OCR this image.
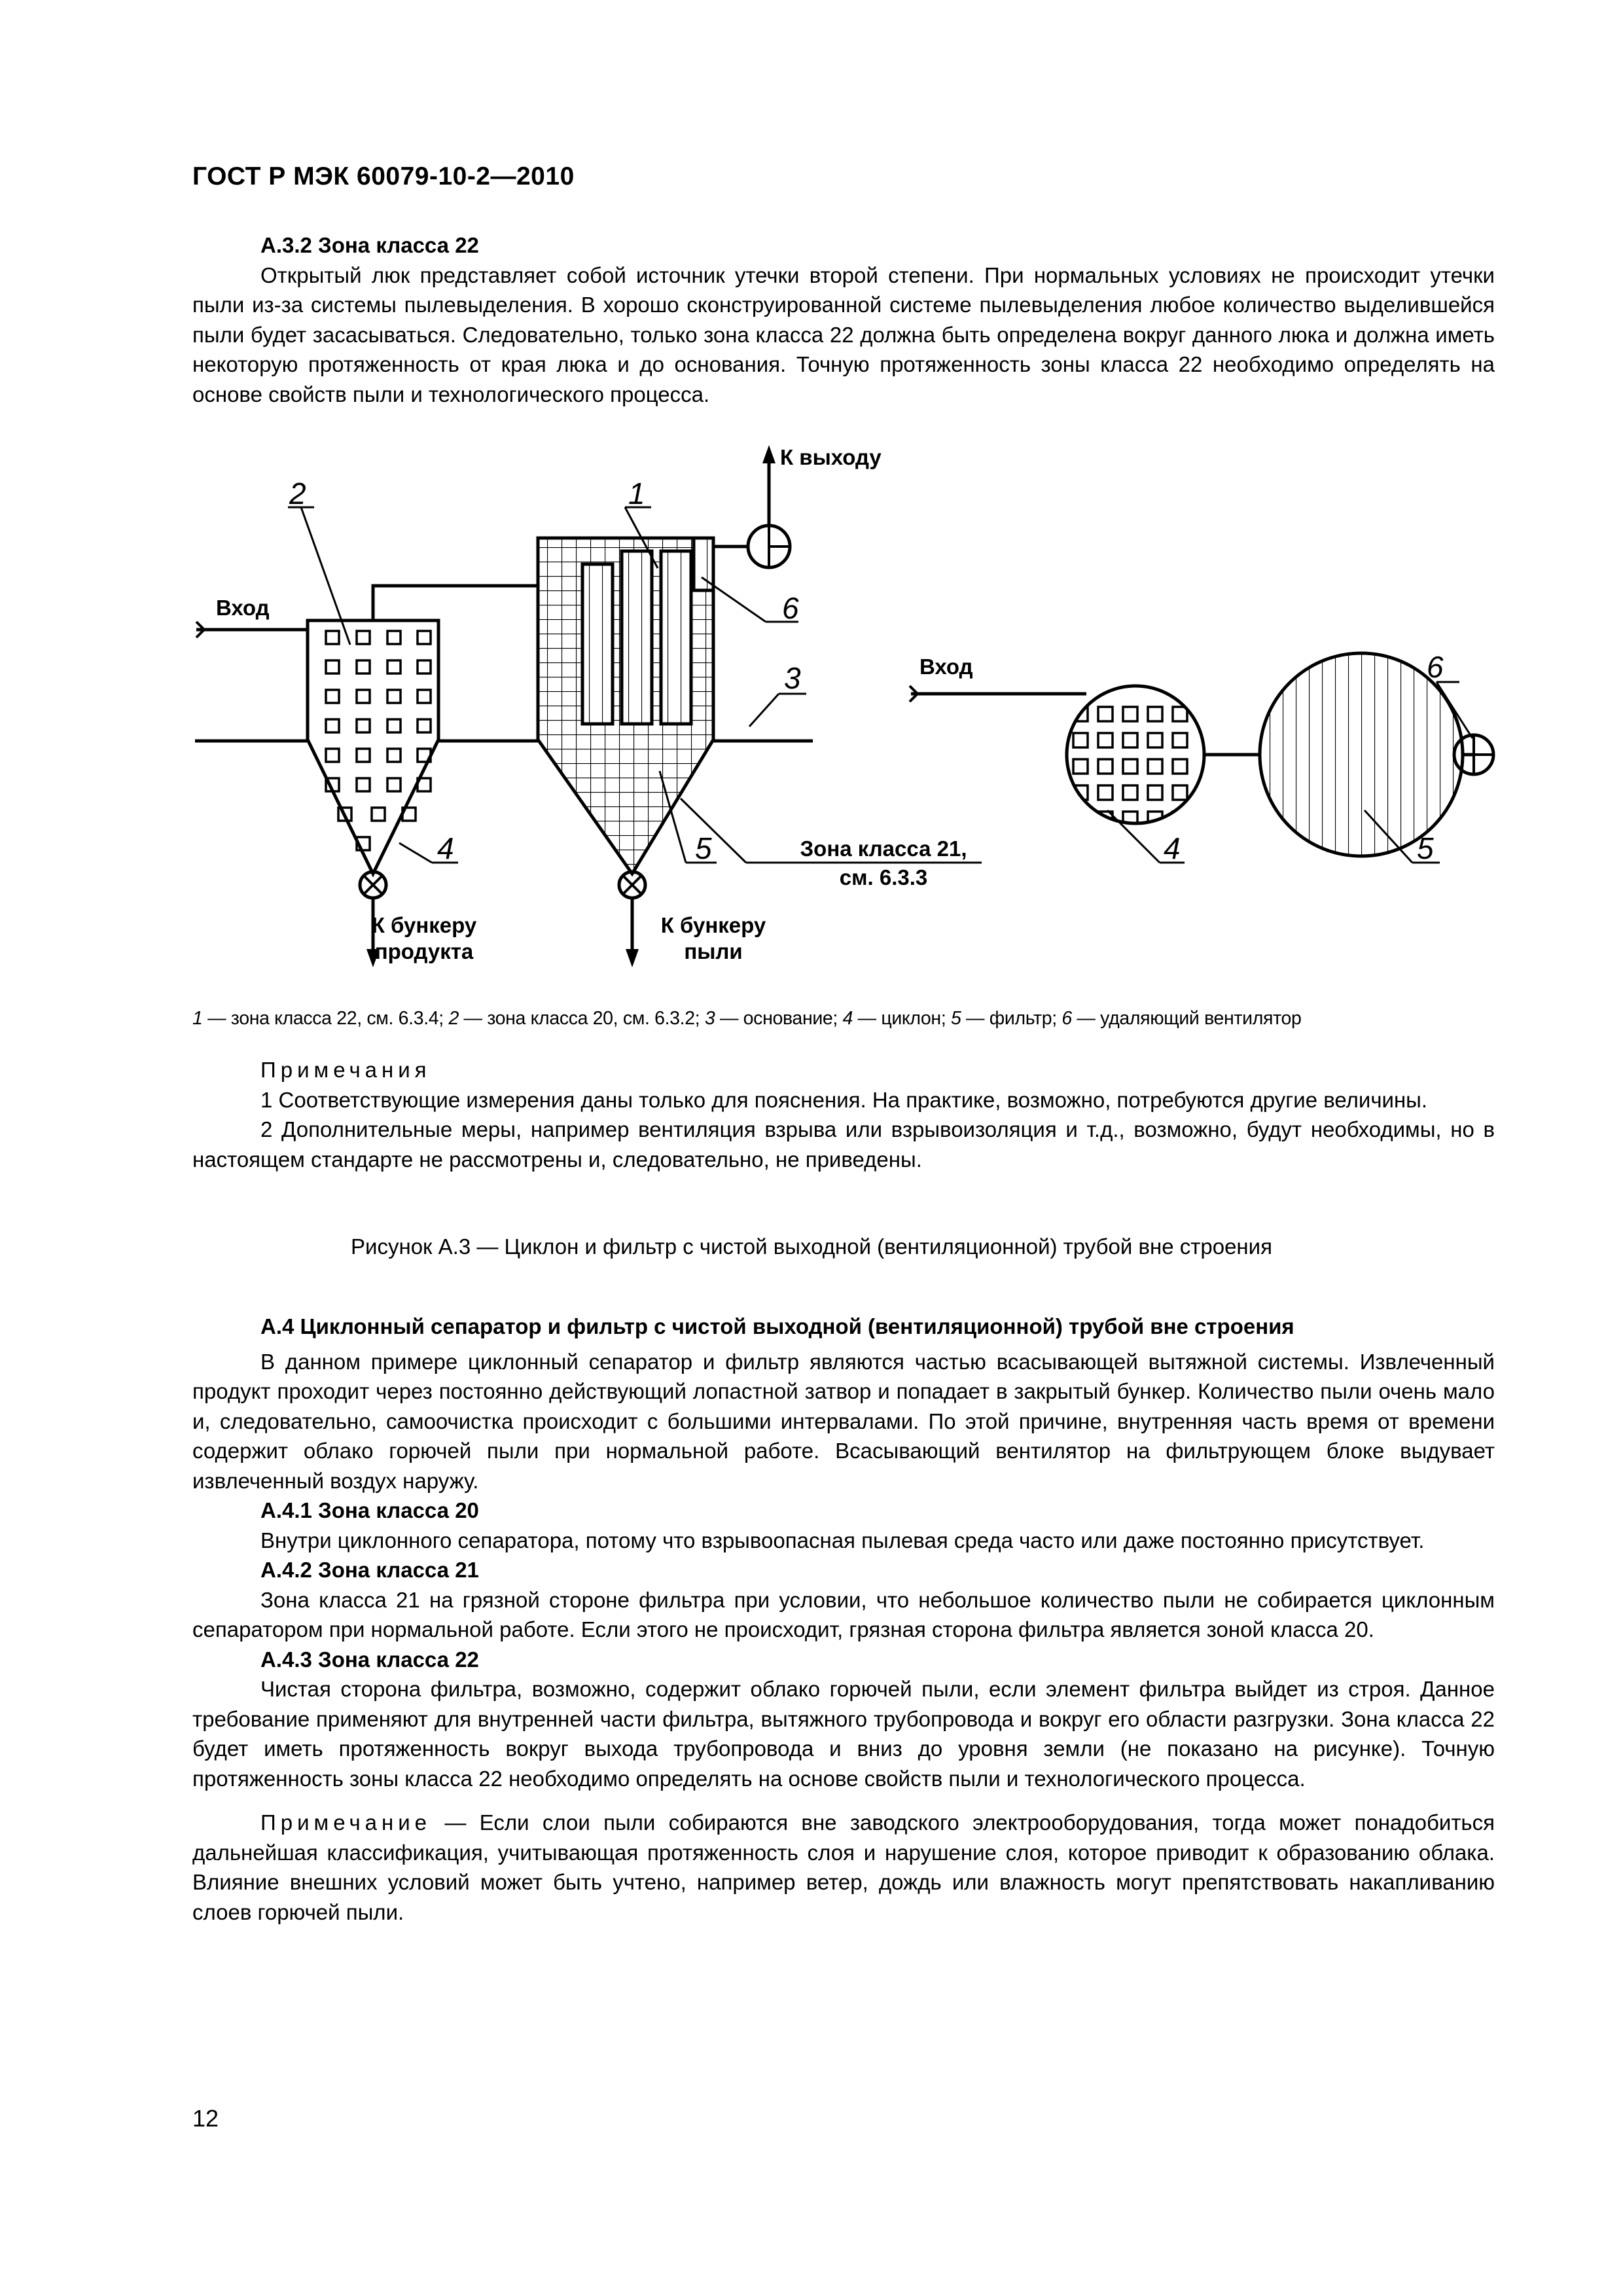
ГОСТ Р МЭК 60079-10-2—2010
А.3.2 Зона класса 22

Открытый люк представляет собой источник утечки второй степени. При нормальных условиях не происходит утечки пыли из-за системы пылевыделения. В хорошо сконструированной системе пылевыделения любое количество выделившейся пыли будет засасываться. Следовательно, только зона класса 22 должна быть определена вокруг данного люка и должна иметь некоторую протяженность от края люка и до основания. Точную протяженность зоны класса 22 необходимо определять на основе свойств пыли и технологического процесса.

К выходу
Вход
Вход
К бункеру
продукта
К бункеру
пыли
Зона класса 21,
см. 6.3.3
2	1
6
3
4	5	4	5
6
1 — зона класса 22, см. 6.3.4; 2 — зона класса 20, см. 6.3.2; 3 — основание; 4 — циклон; 5 — фильтр; 6 — удаляющий вентилятор

Примечания

1 Соответствующие измерения даны только для пояснения. На практике, возможно, потребуются другие величины.

2 Дополнительные меры, например вентиляция взрыва или взрывоизоляция и т.д., возможно, будут необходимы, но в настоящем стандарте не рассмотрены и, следовательно, не приведены.

Рисунок А.3 — Циклон и фильтр с чистой выходной (вентиляционной) трубой вне строения
А.4 Циклонный сепаратор и фильтр с чистой выходной (вентиляционной) трубой вне строения

В данном примере циклонный сепаратор и фильтр являются частью всасывающей вытяжной системы. Извлеченный продукт проходит через постоянно действующий лопастной затвор и попадает в закрытый бункер. Количество пыли очень мало и, следовательно, самоочистка происходит с большими интервалами. По этой причине, внутренняя часть время от времени содержит облако горючей пыли при нормальной работе. Всасывающий вентилятор на фильтрующем блоке выдувает извлеченный воздух наружу.

А.4.1 Зона класса 20

Внутри циклонного сепаратора, потому что взрывоопасная пылевая среда часто или даже постоянно присутствует.

А.4.2 Зона класса 21

Зона класса 21 на грязной стороне фильтра при условии, что небольшое количество пыли не собирается циклонным сепаратором при нормальной работе. Если этого не происходит, грязная сторона фильтра является зоной класса 20.

А.4.3 Зона класса 22

Чистая сторона фильтра, возможно, содержит облако горючей пыли, если элемент фильтра выйдет из строя. Данное требование применяют для внутренней части фильтра, вытяжного трубопровода и вокруг его области разгрузки. Зона класса 22 будет иметь протяженность вокруг выхода трубопровода и вниз до уровня земли (не показано на рисунке). Точную протяженность зоны класса 22 необходимо определять на основе свойств пыли и технологического процесса.

Примечание — Если слои пыли собираются вне заводского электрооборудования, тогда может понадобиться дальнейшая классификация, учитывающая протяженность слоя и нарушение слоя, которое приводит к образованию облака. Влияние внешних условий может быть учтено, например ветер, дождь или влажность могут препятствовать накапливанию слоев горючей пыли.

12
